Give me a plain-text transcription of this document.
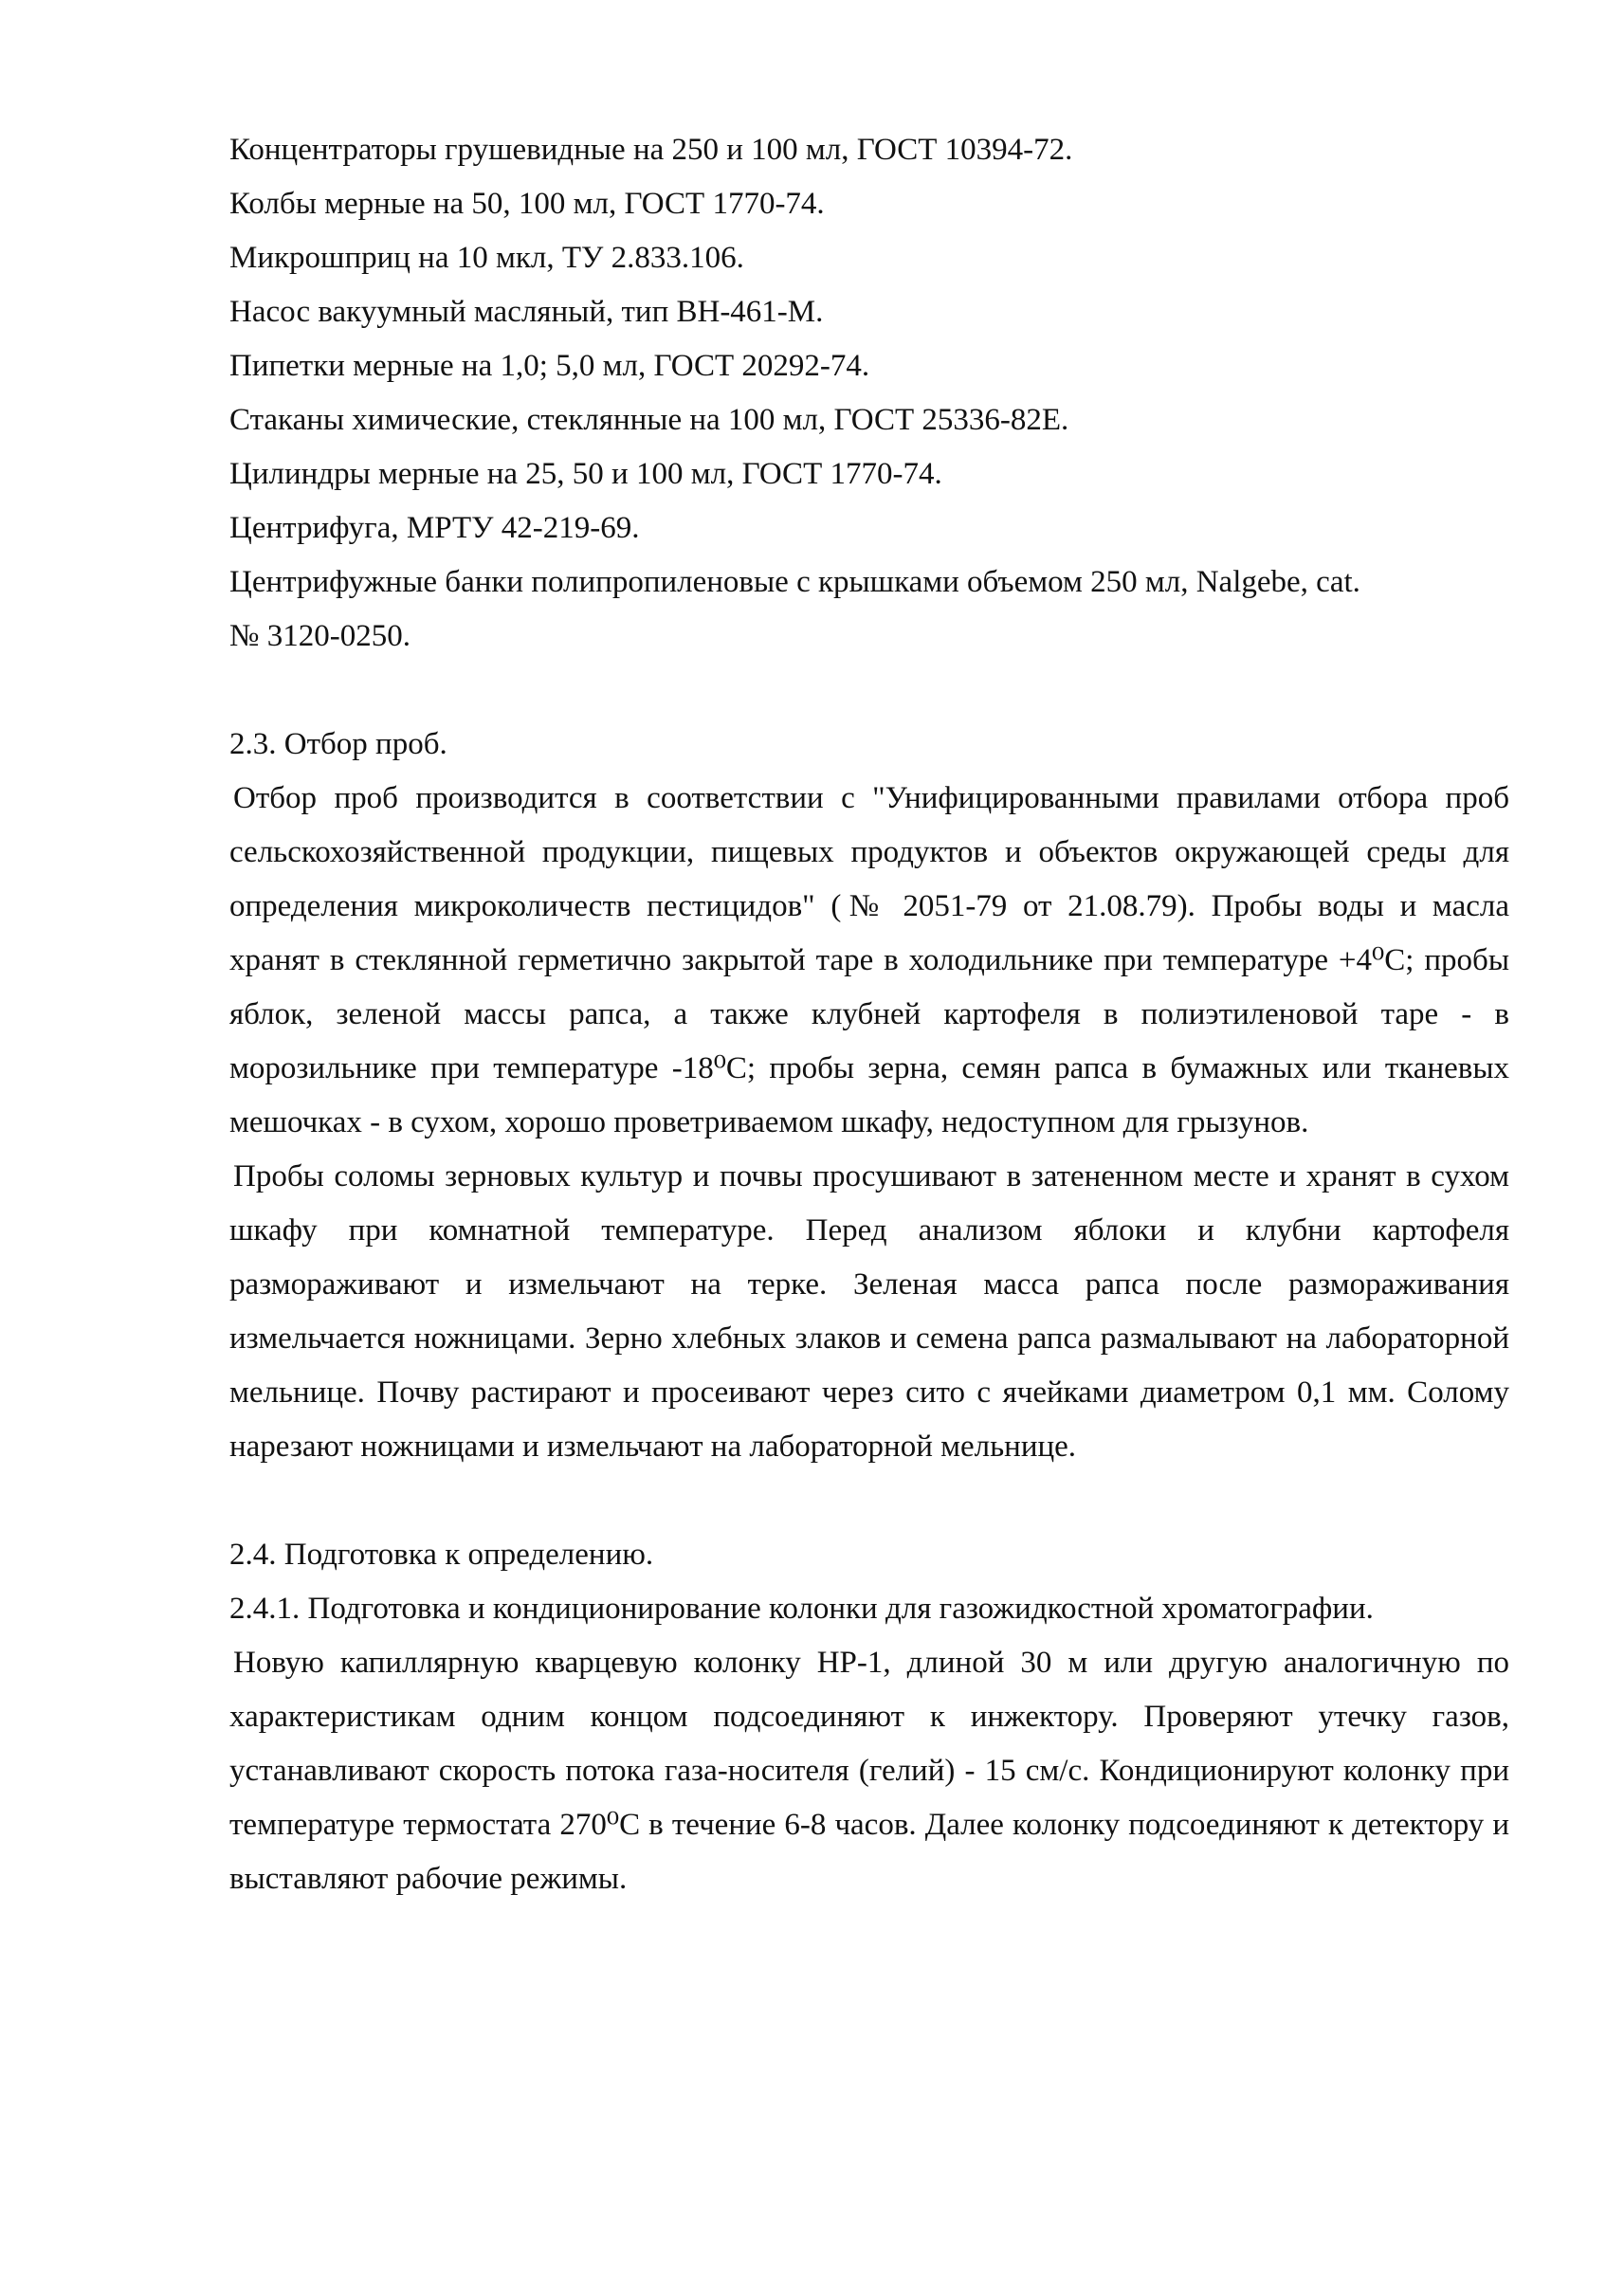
Концентраторы грушевидные на 250 и 100 мл, ГОСТ 10394-72.

Колбы мерные на 50, 100 мл, ГОСТ 1770-74.

Микрошприц на 10 мкл, ТУ 2.833.106.

Насос вакуумный масляный, тип ВН-461-М.

Пипетки мерные на 1,0; 5,0 мл, ГОСТ 20292-74.

Стаканы химические, стеклянные на 100 мл, ГОСТ 25336-82Е.

Цилиндры мерные на 25, 50 и 100 мл, ГОСТ 1770-74.

Центрифуга, МРТУ 42-219-69.

Центрифужные банки полипропиленовые с крышками объемом 250 мл, Nalgebe, cat.

№ 3120-0250.

2.3. Отбор проб.

Отбор проб производится в соответствии с "Унифицированными правилами отбора проб сельскохозяйственной продукции, пищевых продуктов и объектов окружающей среды для определения микроколичеств пестицидов" (№ 2051-79 от 21.08.79). Пробы воды и масла хранят в стеклянной герметично закрытой таре в холодильнике при температуре +4⁰С; пробы яблок, зеленой массы рапса, а также клубней картофеля в полиэтиленовой таре - в морозильнике при температуре -18⁰С; пробы зерна, семян рапса в бумажных или тканевых мешочках - в сухом, хорошо проветриваемом шкафу, недоступном для грызунов.

Пробы соломы зерновых культур и почвы просушивают в затененном месте и хранят в сухом шкафу при комнатной температуре. Перед анализом яблоки и клубни картофеля размораживают и измельчают на терке. Зеленая масса рапса после размораживания измельчается ножницами. Зерно хлебных злаков и семена рапса размалывают на лабораторной мельнице. Почву растирают и просеивают через сито с ячейками диаметром 0,1 мм. Солому нарезают ножницами и измельчают на лабораторной мельнице.

2.4. Подготовка к определению.

2.4.1. Подготовка и кондиционирование колонки для газожидкостной хроматографии.

Новую капиллярную кварцевую колонку НР-1, длиной 30 м или другую аналогичную по характеристикам одним концом подсоединяют к инжектору. Проверяют утечку газов, устанавливают скорость потока газа-носителя (гелий) - 15 см/с. Кондиционируют колонку при температуре термостата 270⁰С в течение 6-8 часов. Далее колонку подсоединяют к детектору и выставляют рабочие режимы.
